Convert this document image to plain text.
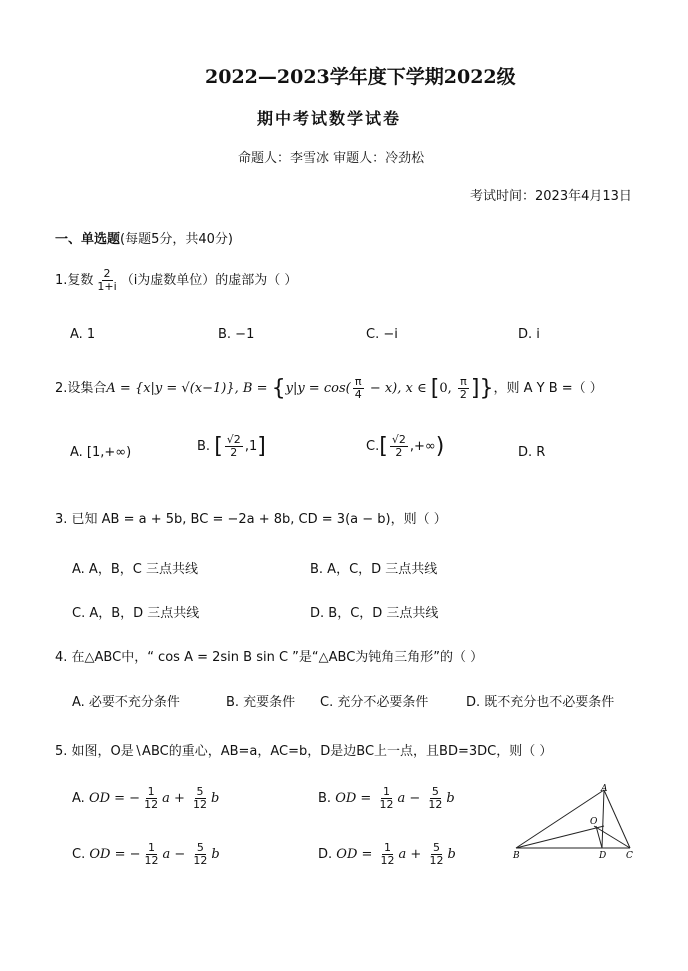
2022—2023学年度下学期2022级
期中考试数学试卷
命题人：李雪冰 审题人：冷劲松
考试时间：2023年4月13日
一、单选题(每题5分，共40分)
1.复数 $\frac{2}{1+i} (i$为虚数单位）的虚部为（ ）
A. 1	B. −1	C. −i	D. i
2.设集合A = {x|y = √(x−1)}, $B = \{y|y = \cos( \frac{\pi}{4} - x)$, x ∈ [0, $\frac{\pi}{2}$ ]}，则 A Y B =（ ）
A. [1,+∞)	B. [ $\frac{√2}{2} ,1$]	$C.[ \frac{√2}{2}$ ,+∞)	D. R
3. 已知 AB = a + 5b, BC = −2a + 8b, CD = 3(a − b)，则（ ）
A. A，B，C 三点共线	B. A，C，D 三点共线
C. A，B，D 三点共线	D. B，C，D 三点共线
4. 在△ABC中，“ cos A = 2sin B sin C ”是“△ABC为钝角三角形”的（ ）
A. 必要不充分条件	B. 充要条件 C. 充分不必要条件	D. 既不充分也不必要条件
5. 如图，O是∖ABC的重心，AB=a，AC=b，D是边BC上一点，且BD=3DC，则（ ）
A. OD = − $\frac{1}{12}$ $a + \frac{5}{12}$ b	B. OD = $\frac{1}{12}$ $a - \frac{5}{12}$ b
C. OD = − $\frac{1}{12}$ $a - \frac{5}{12}$ b	D. OD = $\frac{1}{12}$ $a + \frac{5}{12}$ b
A
B	D C
O
